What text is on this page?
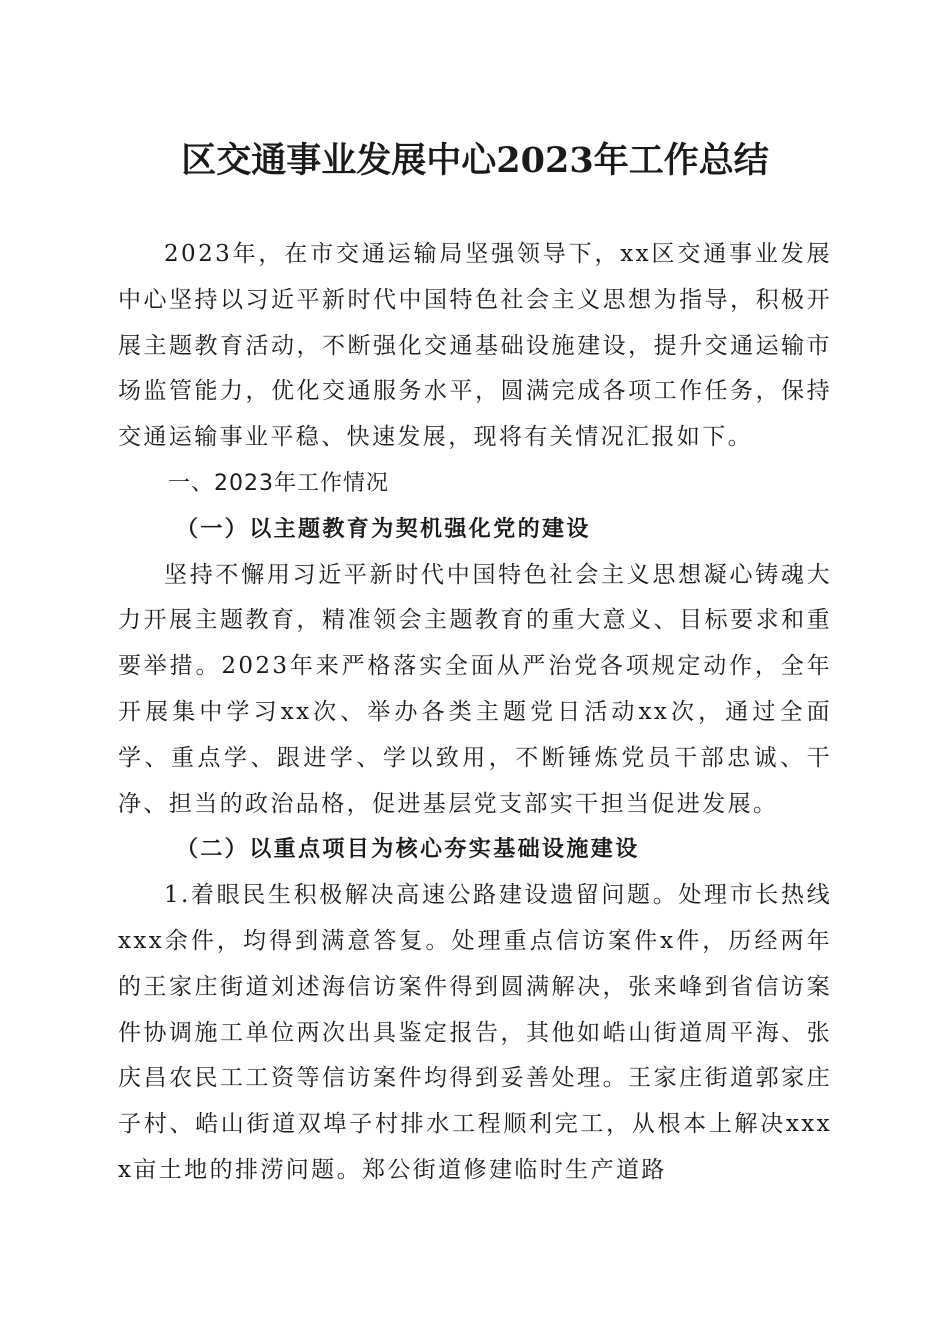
区交通事业发展中心2023年工作总结

2023年，在市交通运输局坚强领导下，xx区交通事业发展中心坚持以习近平新时代中国特色社会主义思想为指导，积极开展主题教育活动，不断强化交通基础设施建设，提升交通运输市场监管能力，优化交通服务水平，圆满完成各项工作任务，保持交通运输事业平稳、快速发展，现将有关情况汇报如下。

一、2023年工作情况

（一）以主题教育为契机强化党的建设

坚持不懈用习近平新时代中国特色社会主义思想凝心铸魂大力开展主题教育，精准领会主题教育的重大意义、目标要求和重要举措。2023年来严格落实全面从严治党各项规定动作，全年开展集中学习xx次、举办各类主题党日活动xx次，通过全面学、重点学、跟进学、学以致用，不断锤炼党员干部忠诚、干净、担当的政治品格，促进基层党支部实干担当促进发展。

（二）以重点项目为核心夯实基础设施建设

1.着眼民生积极解决高速公路建设遗留问题。处理市长热线xxx余件，均得到满意答复。处理重点信访案件x件，历经两年的王家庄街道刘述海信访案件得到圆满解决，张来峰到省信访案件协调施工单位两次出具鉴定报告，其他如峼山街道周平海、张庆昌农民工工资等信访案件均得到妥善处理。王家庄街道郭家庄子村、峼山街道双埠子村排水工程顺利完工，从根本上解决xxxx亩土地的排涝问题。郑公街道修建临时生产道路
